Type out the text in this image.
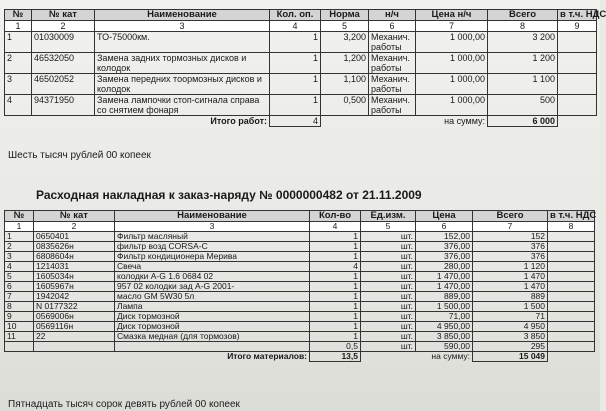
№	№ кат	Наименование	Кол. оп.	Норма	н/ч	Цена н/ч	Всего	в т.ч. НДС
1	2	3	4	5	6	7	8	9
1	01030009	ТО-75000км.	1	3,200	Механич. работы	1 000,00	3 200	
2	46532050	Замена задних тормозных дисков и колодок	1	1,200	Механич. работы	1 000,00	1 200	
3	46502052	Замена передних тоормозных дисков и колодок	1	1,100	Механич. работы	1 000,00	1 100	
4	94371950	Замена лампочки стоп-сигнала справа со снятием фонаря	1	0,500	Механич. работы	1 000,00	500	
		Итого работ:	4			на сумму:	6 000	
Шесть тысяч рублей 00 копеек
Расходная накладная к заказ-наряду № 0000000482 от 21.11.2009
№	№ кат	Наименование	Кол-во	Ед.изм.	Цена	Всего	в т.ч. НДС
1	2	3	4	5	6	7	8
1	0650401	Фильтр масляный	1	шт.	152,00	152	
2	0835626н	фильтр возд CORSA-C	1	шт.	376,00	376	
3	6808604н	Фильтр кондиционера Мерива	1	шт.	376,00	376	
4	1214031	Свеча	4	шт.	280,00	1 120	
5	1605034н	колодки A-G 1.6 0684 02	1	шт.	1 470,00	1 470	
6	1605967н	957 02 колодки зад A-G 2001-	1	шт.	1 470,00	1 470	
7	1942042	масло GM 5W30 5л	1	шт.	889,00	889	
8	N 0177322	Лампа	1	шт.	1 500,00	1 500	
9	0569006н	Диск тормозной	1	шт.	71,00	71	
10	0569116н	Диск тормозной	1	шт.	4 950,00	4 950	
11	22	Смазка медная (для тормозов)	1	шт.	3 850,00	3 850	
			0,5	шт.	590,00	295	
		Итого материалов:	13,5		на сумму:	15 049	
Пятнадцать тысяч сорок девять рублей 00 копеек
